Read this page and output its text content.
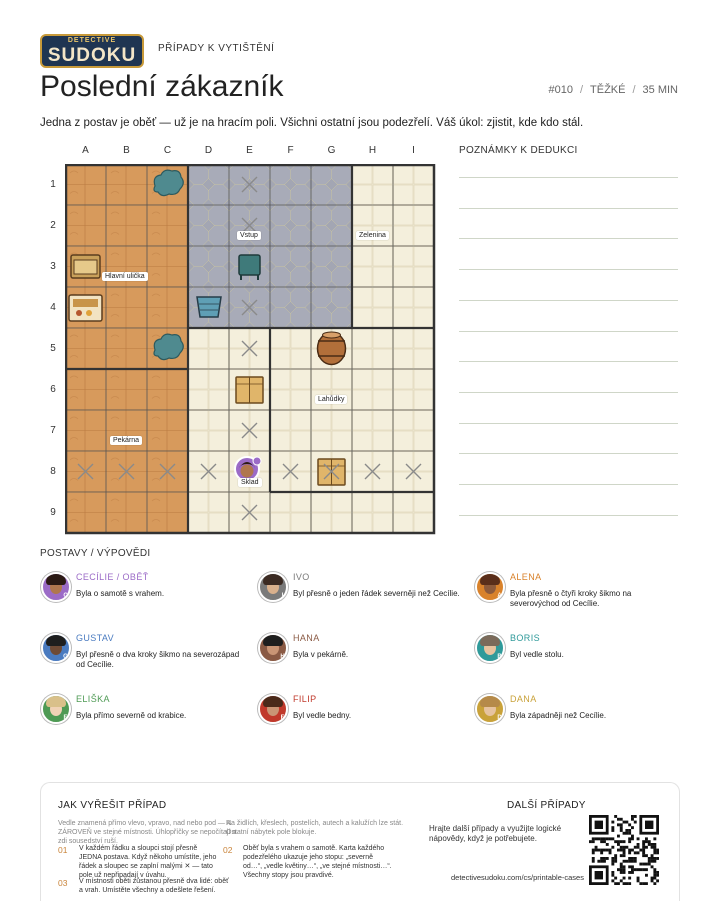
DETECTIVE
SUDOKU	PŘÍPADY K VYTIŠTĚNÍ
Poslední zákazník	#010 / TĚŽKÉ / 35 MIN
Jedna z postav je oběť — už je na hracím poli. Všichni ostatní jsou podezřelí. Váš úkol: zjistit, kde kdo stál.
A	B	C	D	E	F	G	H	I
1
2
3
4
5
6
7
8
9
Hlavní ulička
Pekárna
Vstup	Zelenina
Lahůdky
Sklad
POZNÁMKY K DEDUKCI
POSTAVY / VÝPOVĚDI
C
CECÍLIE / OBĚŤ
Byla o samotě s vrahem.	I
IVO
Byl přesně o jeden řádek severněji než Cecílie.	A
ALENA
Byla přesně o čtyři kroky šikmo na severovýchod od Cecílie.
G
GUSTAV
Byl přesně o dva kroky šikmo na severozápad od Cecílie.
H
HANA
Byla v pekárně.	B
BORIS
Byl vedle stolu.
E
ELIŠKA
Byla přímo severně od krabice.	F
FILIP
Byl vedle bedny.	D
DANA
Byla západněji než Cecílie.
JAK VYŘEŠIT PŘÍPAD
Vedle znamená přímo vlevo, vpravo, nad nebo pod — A ZÁROVEŇ ve stejné místnosti. Úhlopříčky se nepočítají a zdi sousedství ruší.
Na židlích, křeslech, postelích, autech a kalužích lze stát. Ostatní nábytek pole blokuje.
01 V každém řádku a sloupci stojí přesně JEDNA postava. Když někoho umístíte, jeho řádek a sloupec se zaplní malými ✕ — tato pole už nepřipadají v úvahu.
02 Oběť byla s vrahem o samotě. Karta každého podezřelého ukazuje jeho stopu: „severně od…“, „vedle květiny…“, „ve stejné místnosti…“. Všechny stopy jsou pravdivé.
03 V místnosti oběti zůstanou přesně dva lidé: oběť a vrah. Umístěte všechny a odešlete řešení.
DALŠÍ PŘÍPADY
Hrajte další případy a využijte logické nápovědy, když je potřebujete.
detectivesudoku.com/cs/printable-cases
